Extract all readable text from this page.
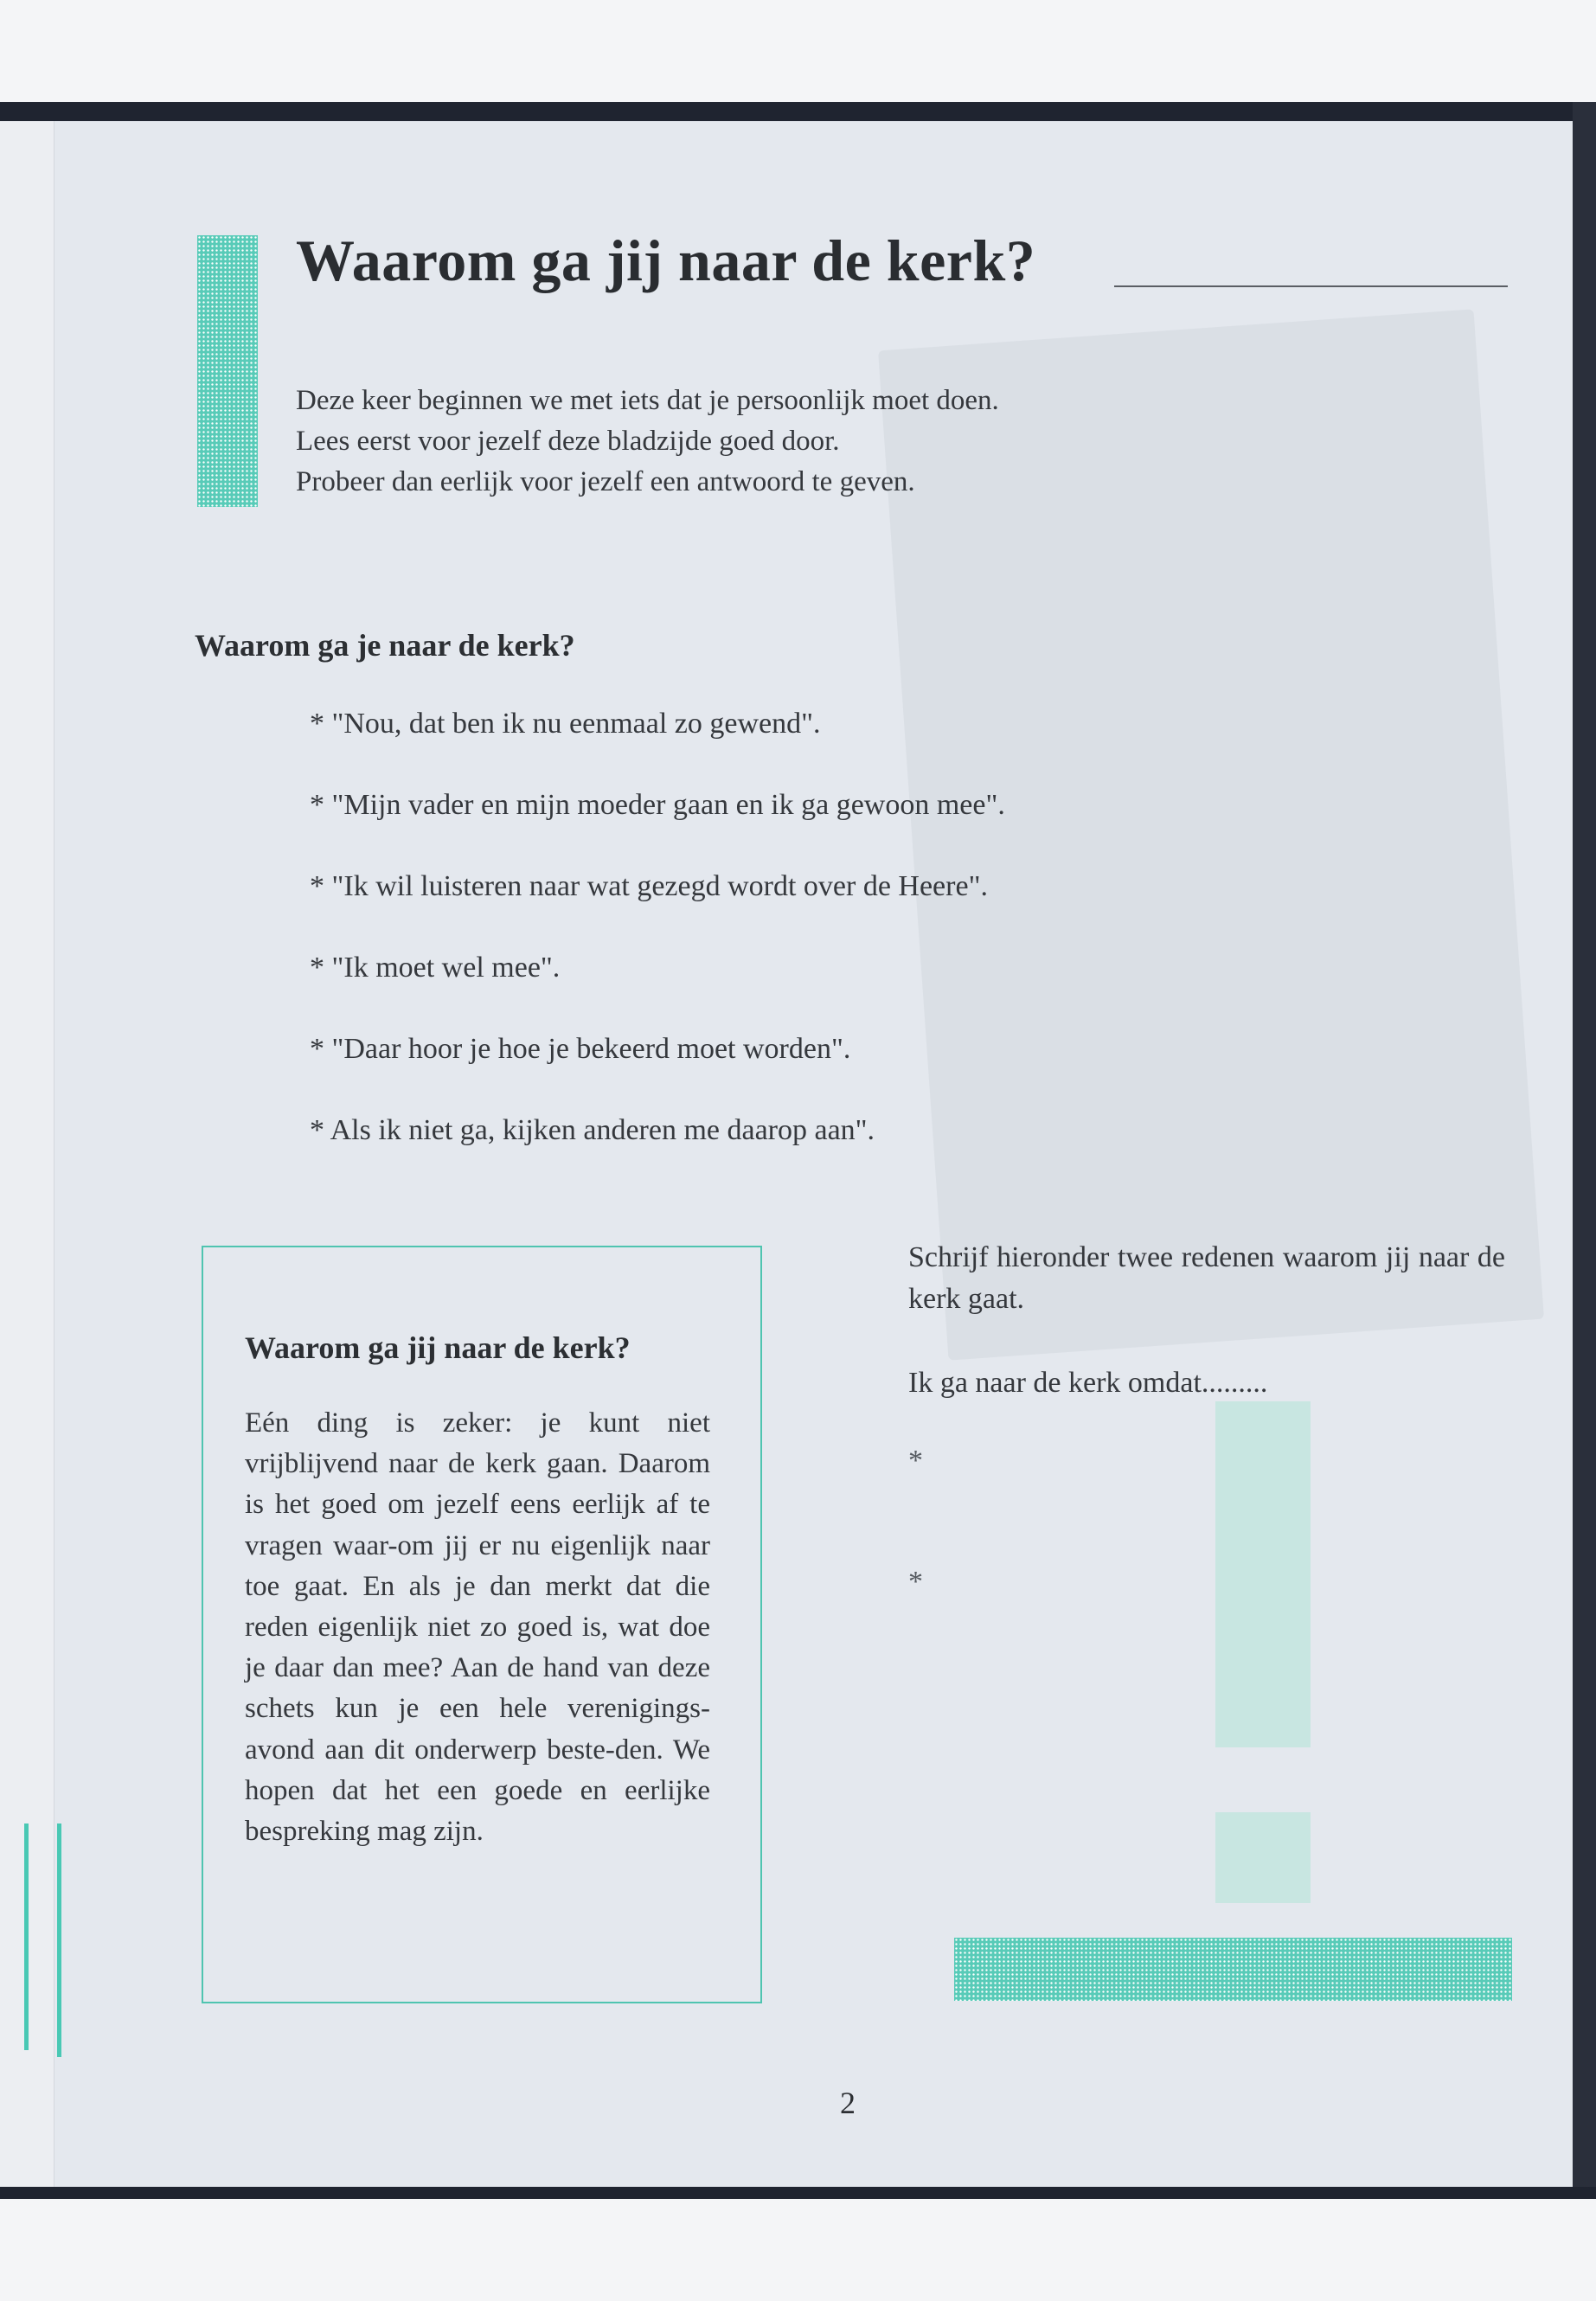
Waarom ga jij naar de kerk?

Deze keer beginnen we met iets dat je persoonlijk moet doen.

Lees eerst voor jezelf deze bladzijde goed door.

Probeer dan eerlijk voor jezelf een antwoord te geven.

Waarom ga je naar de kerk?
* "Nou, dat ben ik nu eenmaal zo gewend".
* "Mijn vader en mijn moeder gaan en ik ga gewoon mee".
* "Ik wil luisteren naar wat gezegd wordt over de Heere".
* "Ik moet wel mee".
* "Daar hoor je hoe je bekeerd moet worden".
* Als ik niet ga, kijken anderen me daarop aan".
Waarom ga jij naar de kerk?

Eén ding is zeker: je kunt niet vrijblijvend naar de kerk gaan. Daarom is het goed om jezelf eens eerlijk af te vragen waar-om jij er nu eigenlijk naar toe gaat. En als je dan merkt dat die reden eigenlijk niet zo goed is, wat doe je daar dan mee? Aan de hand van deze schets kun je een hele verenigings-avond aan dit onderwerp beste-den. We hopen dat het een goede en eerlijke bespreking mag zijn.

Schrijf hieronder twee redenen waarom jij naar de kerk gaat.

Ik ga naar de kerk omdat.........

*
*
2
